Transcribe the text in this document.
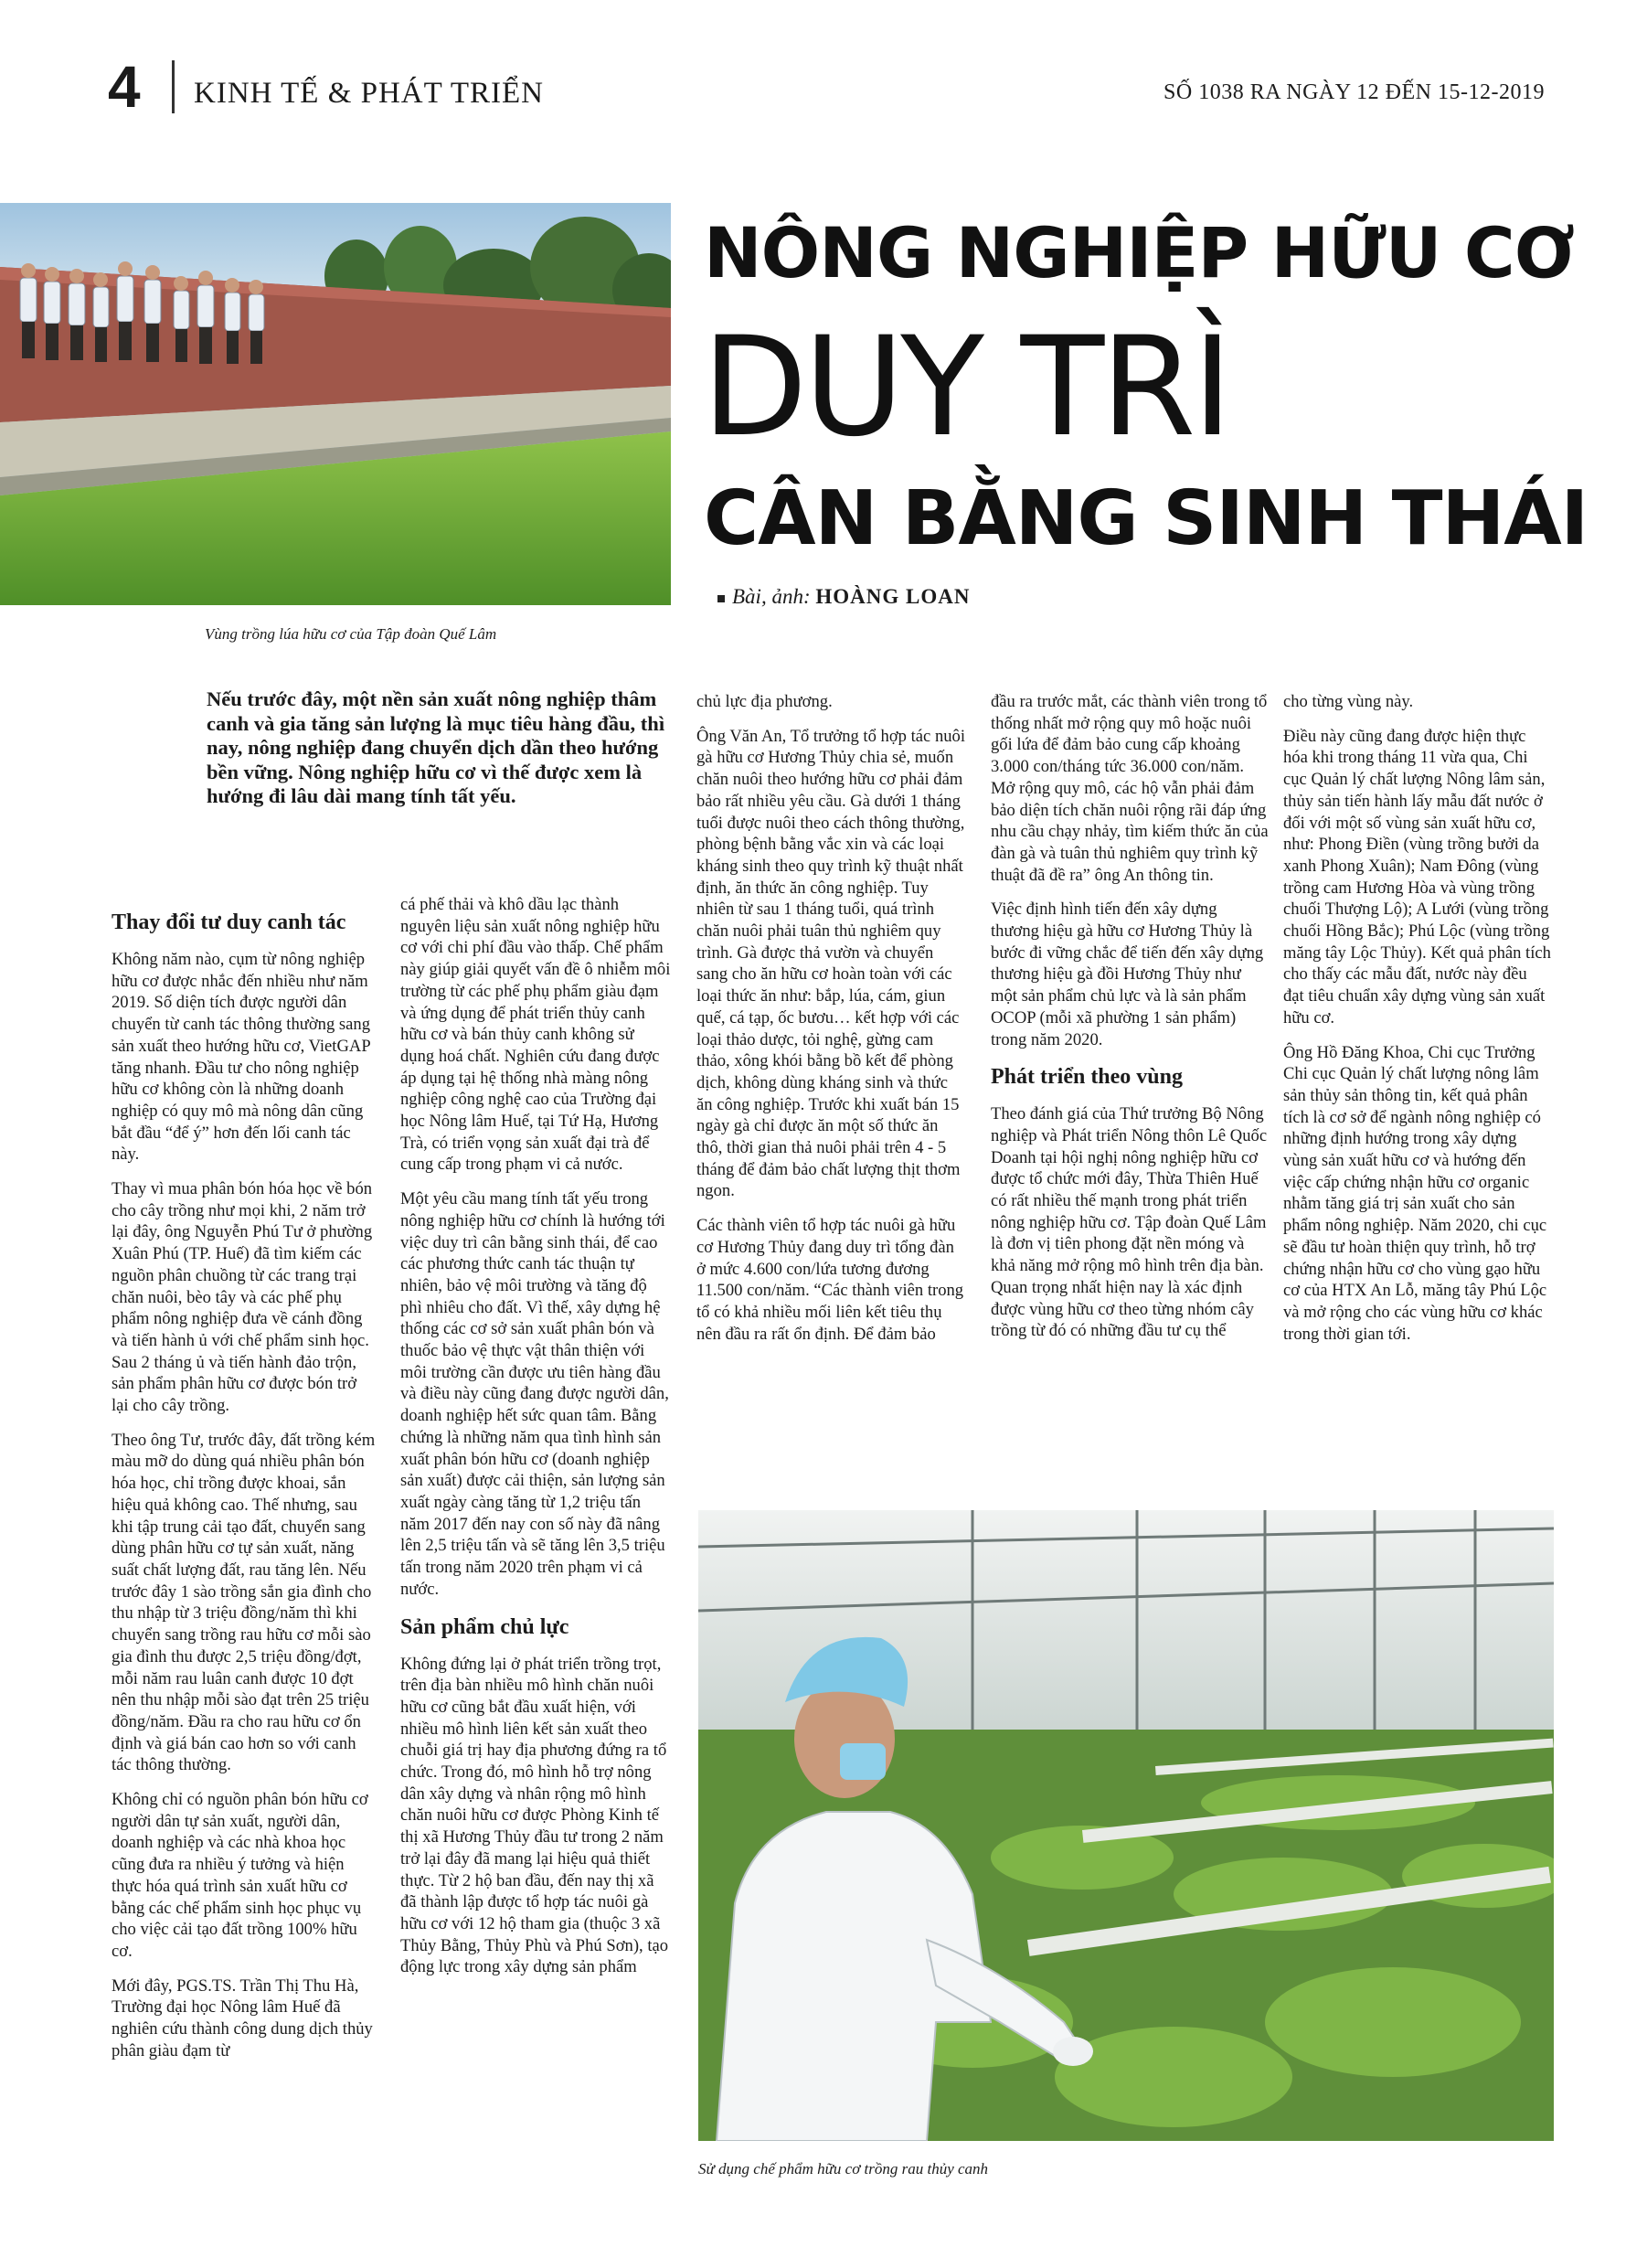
4 KINH TẾ & PHÁT TRIỂN	SỐ 1038 RA NGÀY 12 ĐẾN 15-12-2019
Vùng trồng lúa hữu cơ của Tập đoàn Quế Lâm
NÔNG NGHIỆP HỮU CƠ
DUY TRÌ
CÂN BẰNG SINH THÁI
Bài, ảnh: HOÀNG LOAN
Nếu trước đây, một nền sản xuất nông nghiệp thâm canh và gia tăng sản lượng là mục tiêu hàng đầu, thì nay, nông nghiệp đang chuyển dịch dần theo hướng bền vững. Nông nghiệp hữu cơ vì thế được xem là hướng đi lâu dài mang tính tất yếu.
Thay đổi tư duy canh tác

Không năm nào, cụm từ nông nghiệp hữu cơ được nhắc đến nhiều như năm 2019. Số diện tích được người dân chuyển từ canh tác thông thường sang sản xuất theo hướng hữu cơ, VietGAP tăng nhanh. Đầu tư cho nông nghiệp hữu cơ không còn là những doanh nghiệp có quy mô mà nông dân cũng bắt đầu “để ý” hơn đến lối canh tác này.

Thay vì mua phân bón hóa học về bón cho cây trồng như mọi khi, 2 năm trở lại đây, ông Nguyễn Phú Tư ở phường Xuân Phú (TP. Huế) đã tìm kiếm các nguồn phân chuồng từ các trang trại chăn nuôi, bèo tây và các phế phụ phẩm nông nghiệp đưa về cánh đồng và tiến hành ủ với chế phẩm sinh học. Sau 2 tháng ủ và tiến hành đảo trộn, sản phẩm phân hữu cơ được bón trở lại cho cây trồng.

Theo ông Tư, trước đây, đất trồng kém màu mỡ do dùng quá nhiều phân bón hóa học, chỉ trồng được khoai, sắn hiệu quả không cao. Thế nhưng, sau khi tập trung cải tạo đất, chuyển sang dùng phân hữu cơ tự sản xuất, năng suất chất lượng đất, rau tăng lên. Nếu trước đây 1 sào trồng sắn gia đình cho thu nhập từ 3 triệu đồng/năm thì khi chuyển sang trồng rau hữu cơ mỗi sào gia đình thu được 2,5 triệu đồng/đợt, mỗi năm rau luân canh được 10 đợt nên thu nhập mỗi sào đạt trên 25 triệu đồng/năm. Đầu ra cho rau hữu cơ ổn định và giá bán cao hơn so với canh tác thông thường.

Không chỉ có nguồn phân bón hữu cơ người dân tự sản xuất, người dân, doanh nghiệp và các nhà khoa học cũng đưa ra nhiều ý tưởng và hiện thực hóa quá trình sản xuất hữu cơ bằng các chế phẩm sinh học phục vụ cho việc cải tạo đất trồng 100% hữu cơ.

Mới đây, PGS.TS. Trần Thị Thu Hà, Trường đại học Nông lâm Huế đã nghiên cứu thành công dung dịch thủy phân giàu đạm từ

cá phế thải và khô dầu lạc thành nguyên liệu sản xuất nông nghiệp hữu cơ với chi phí đầu vào thấp. Chế phẩm này giúp giải quyết vấn đề ô nhiễm môi trường từ các phế phụ phẩm giàu đạm và ứng dụng để phát triển thủy canh hữu cơ và bán thủy canh không sử dụng hoá chất. Nghiên cứu đang được áp dụng tại hệ thống nhà màng nông nghiệp công nghệ cao của Trường đại học Nông lâm Huế, tại Tứ Hạ, Hương Trà, có triển vọng sản xuất đại trà để cung cấp trong phạm vi cả nước.

Một yêu cầu mang tính tất yếu trong nông nghiệp hữu cơ chính là hướng tới việc duy trì cân bằng sinh thái, để cao các phương thức canh tác thuận tự nhiên, bảo vệ môi trường và tăng độ phì nhiêu cho đất. Vì thế, xây dựng hệ thống các cơ sở sản xuất phân bón và thuốc bảo vệ thực vật thân thiện với môi trường cần được ưu tiên hàng đầu và điều này cũng đang được người dân, doanh nghiệp hết sức quan tâm. Bằng chứng là những năm qua tình hình sản xuất phân bón hữu cơ (doanh nghiệp sản xuất) được cải thiện, sản lượng sản xuất ngày càng tăng từ 1,2 triệu tấn năm 2017 đến nay con số này đã nâng lên 2,5 triệu tấn và sẽ tăng lên 3,5 triệu tấn trong năm 2020 trên phạm vi cả nước.

Sản phẩm chủ lực

Không đứng lại ở phát triển trồng trọt, trên địa bàn nhiều mô hình chăn nuôi hữu cơ cũng bắt đầu xuất hiện, với nhiều mô hình liên kết sản xuất theo chuỗi giá trị hay địa phương đứng ra tổ chức. Trong đó, mô hình hỗ trợ nông dân xây dựng và nhân rộng mô hình chăn nuôi hữu cơ được Phòng Kinh tế thị xã Hương Thủy đầu tư trong 2 năm trở lại đây đã mang lại hiệu quả thiết thực. Từ 2 hộ ban đầu, đến nay thị xã đã thành lập được tổ hợp tác nuôi gà hữu cơ với 12 hộ tham gia (thuộc 3 xã Thủy Bằng, Thủy Phù và Phú Sơn), tạo động lực trong xây dựng sản phẩm

chủ lực địa phương.

Ông Văn An, Tổ trưởng tổ hợp tác nuôi gà hữu cơ Hương Thủy chia sẻ, muốn chăn nuôi theo hướng hữu cơ phải đảm bảo rất nhiều yêu cầu. Gà dưới 1 tháng tuổi được nuôi theo cách thông thường, phòng bệnh bằng vắc xin và các loại kháng sinh theo quy trình kỹ thuật nhất định, ăn thức ăn công nghiệp. Tuy nhiên từ sau 1 tháng tuổi, quá trình chăn nuôi phải tuân thủ nghiêm quy trình. Gà được thả vườn và chuyển sang cho ăn hữu cơ hoàn toàn với các loại thức ăn như: bắp, lúa, cám, giun quế, cá tạp, ốc bươu… kết hợp với các loại thảo dược, tỏi nghệ, gừng cam thảo, xông khói bằng bồ kết để phòng dịch, không dùng kháng sinh và thức ăn công nghiệp. Trước khi xuất bán 15 ngày gà chỉ được ăn một số thức ăn thô, thời gian thả nuôi phải trên 4 - 5 tháng để đảm bảo chất lượng thịt thơm ngon.

Các thành viên tổ hợp tác nuôi gà hữu cơ Hương Thủy đang duy trì tổng đàn ở mức 4.600 con/lứa tương đương 11.500 con/năm. “Các thành viên trong tổ có khả nhiều mối liên kết tiêu thụ nên đầu ra rất ổn định. Để đảm bảo

đầu ra trước mắt, các thành viên trong tổ thống nhất mở rộng quy mô hoặc nuôi gối lứa để đảm bảo cung cấp khoảng 3.000 con/tháng tức 36.000 con/năm. Mở rộng quy mô, các hộ vẫn phải đảm bảo diện tích chăn nuôi rộng rãi đáp ứng nhu cầu chạy nhảy, tìm kiếm thức ăn của đàn gà và tuân thủ nghiêm quy trình kỹ thuật đã đề ra” ông An thông tin.

Việc định hình tiến đến xây dựng thương hiệu gà hữu cơ Hương Thủy là bước đi vững chắc để tiến đến xây dựng thương hiệu gà đồi Hương Thủy như một sản phẩm chủ lực và là sản phẩm OCOP (mỗi xã phường 1 sản phẩm) trong năm 2020.

Phát triển theo vùng

Theo đánh giá của Thứ trưởng Bộ Nông nghiệp và Phát triển Nông thôn Lê Quốc Doanh tại hội nghị nông nghiệp hữu cơ được tổ chức mới đây, Thừa Thiên Huế có rất nhiều thế mạnh trong phát triển nông nghiệp hữu cơ. Tập đoàn Quế Lâm là đơn vị tiên phong đặt nền móng và khả năng mở rộng mô hình trên địa bàn. Quan trọng nhất hiện nay là xác định được vùng hữu cơ theo từng nhóm cây trồng từ đó có những đầu tư cụ thể

cho từng vùng này.

Điều này cũng đang được hiện thực hóa khi trong tháng 11 vừa qua, Chi cục Quản lý chất lượng Nông lâm sản, thủy sản tiến hành lấy mẫu đất nước ở đối với một số vùng sản xuất hữu cơ, như: Phong Điền (vùng trồng bưởi da xanh Phong Xuân); Nam Đông (vùng trồng cam Hương Hòa và vùng trồng chuối Thượng Lộ); A Lưới (vùng trồng chuối Hồng Bắc); Phú Lộc (vùng trồng măng tây Lộc Thủy). Kết quả phân tích cho thấy các mẫu đất, nước này đều đạt tiêu chuẩn xây dựng vùng sản xuất hữu cơ.

Ông Hồ Đăng Khoa, Chi cục Trưởng Chi cục Quản lý chất lượng nông lâm sản thủy sản thông tin, kết quả phân tích là cơ sở để ngành nông nghiệp có những định hướng trong xây dựng vùng sản xuất hữu cơ và hướng đến việc cấp chứng nhận hữu cơ organic nhằm tăng giá trị sản xuất cho sản phẩm nông nghiệp. Năm 2020, chi cục sẽ đầu tư hoàn thiện quy trình, hỗ trợ chứng nhận hữu cơ cho vùng gạo hữu cơ của HTX An Lỗ, măng tây Phú Lộc và mở rộng cho các vùng hữu cơ khác trong thời gian tới.

Sử dụng chế phẩm hữu cơ trồng rau thủy canh
